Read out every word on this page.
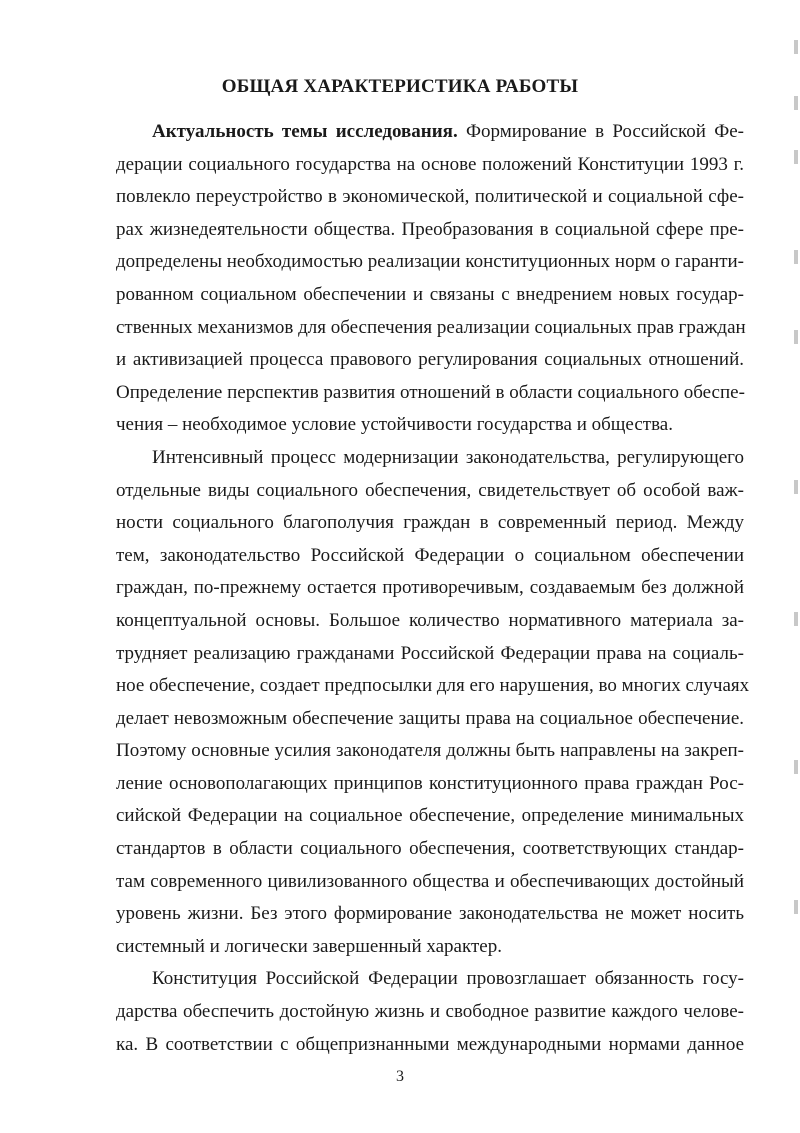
ОБЩАЯ ХАРАКТЕРИСТИКА РАБОТЫ
Актуальность темы исследования. Формирование в Российской Фе-
дерации социального государства на основе положений Конституции 1993 г.
повлекло переустройство в экономической, политической и социальной сфе-
рах жизнедеятельности общества. Преобразования в социальной сфере пре-
допределены необходимостью реализации конституционных норм о гаранти-
рованном социальном обеспечении и связаны с внедрением новых государ-
ственных механизмов для обеспечения реализации социальных прав граждан
и активизацией процесса правового регулирования социальных отношений.
Определение перспектив развития отношений в области социального обеспе-
чения – необходимое условие устойчивости государства и общества.
Интенсивный процесс модернизации законодательства, регулирующего
отдельные виды социального обеспечения, свидетельствует об особой важ-
ности социального благополучия граждан в современный период. Между
тем, законодательство Российской Федерации о социальном обеспечении
граждан, по-прежнему остается противоречивым, создаваемым без должной
концептуальной основы. Большое количество нормативного материала за-
трудняет реализацию гражданами Российской Федерации права на социаль-
ное обеспечение, создает предпосылки для его нарушения, во многих случаях
делает невозможным обеспечение защиты права на социальное обеспечение.
Поэтому основные усилия законодателя должны быть направлены на закреп-
ление основополагающих принципов конституционного права граждан Рос-
сийской Федерации на социальное обеспечение, определение минимальных
стандартов в области социального обеспечения, соответствующих стандар-
там современного цивилизованного общества и обеспечивающих достойный
уровень жизни. Без этого формирование законодательства не может носить
системный и логически завершенный характер.
Конституция Российской Федерации провозглашает обязанность госу-
дарства обеспечить достойную жизнь и свободное развитие каждого челове-
ка. В соответствии с общепризнанными международными нормами данное
3
